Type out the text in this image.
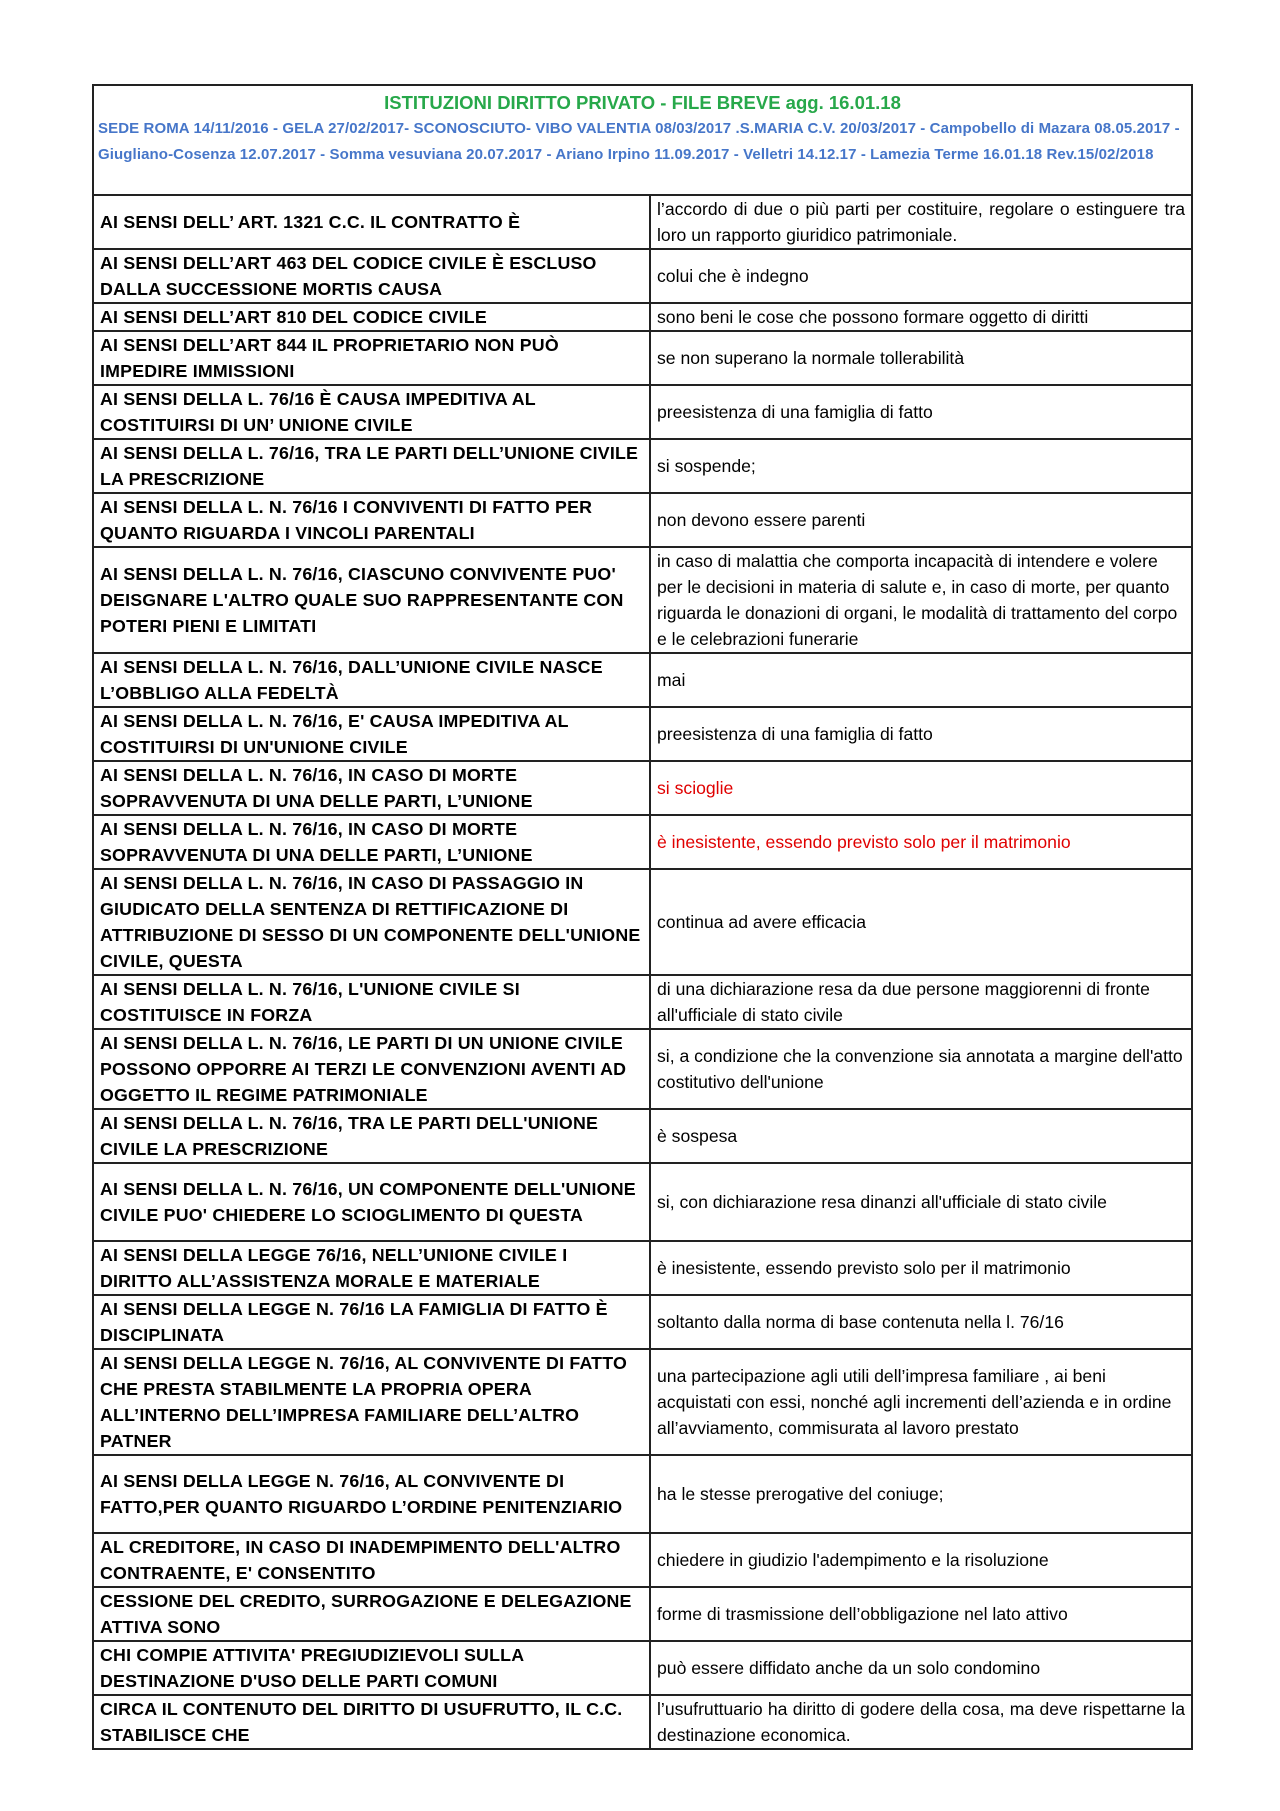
ISTITUZIONI DIRITTO PRIVATO - FILE BREVE agg. 16.01.18
SEDE ROMA 14/11/2016 - GELA 27/02/2017- SCONOSCIUTO- VIBO VALENTIA 08/03/2017 .S.MARIA C.V. 20/03/2017 - Campobello di Mazara 08.05.2017 - Giugliano-Cosenza 12.07.2017 - Somma vesuviana 20.07.2017 - Ariano Irpino 11.09.2017 - Velletri 14.12.17 - Lamezia Terme 16.01.18 Rev.15/02/2018	

AI SENSI DELL’ ART. 1321 C.C. IL CONTRATTO È	l’accordo di due o più parti per costituire, regolare o estinguere tra loro un rapporto giuridico patrimoniale.
AI SENSI DELL’ART 463 DEL CODICE CIVILE È ESCLUSO DALLA SUCCESSIONE MORTIS CAUSA	colui che è indegno
AI SENSI DELL’ART 810 DEL CODICE CIVILE	sono beni le cose che possono formare oggetto di diritti
AI SENSI DELL’ART 844 IL PROPRIETARIO NON PUÒ IMPEDIRE IMMISSIONI	se non superano la normale tollerabilità
AI SENSI DELLA L. 76/16 È CAUSA IMPEDITIVA AL COSTITUIRSI DI UN’ UNIONE CIVILE	preesistenza di una famiglia di fatto
AI SENSI DELLA L. 76/16, TRA LE PARTI DELL’UNIONE CIVILE LA PRESCRIZIONE	si sospende;
AI SENSI DELLA L. N. 76/16 I CONVIVENTI DI FATTO PER QUANTO RIGUARDA I VINCOLI PARENTALI	non devono essere parenti
AI SENSI DELLA L. N. 76/16, CIASCUNO CONVIVENTE PUO' DEISGNARE L'ALTRO QUALE SUO RAPPRESENTANTE CON POTERI PIENI E LIMITATI	in caso di malattia che comporta incapacità di intendere e volere per le decisioni in materia di salute e, in caso di morte, per quanto riguarda le donazioni di organi, le modalità di trattamento del corpo e le celebrazioni funerarie
AI SENSI DELLA L. N. 76/16, DALL’UNIONE CIVILE NASCE L’OBBLIGO ALLA FEDELTÀ	mai
AI SENSI DELLA L. N. 76/16, E' CAUSA IMPEDITIVA AL COSTITUIRSI DI UN'UNIONE CIVILE	preesistenza di una famiglia di fatto
AI SENSI DELLA L. N. 76/16, IN CASO DI MORTE SOPRAVVENUTA DI UNA DELLE PARTI, L’UNIONE	si scioglie
AI SENSI DELLA L. N. 76/16, IN CASO DI MORTE SOPRAVVENUTA DI UNA DELLE PARTI, L’UNIONE	è inesistente, essendo previsto solo per il matrimonio
AI SENSI DELLA L. N. 76/16, IN CASO DI PASSAGGIO IN GIUDICATO DELLA SENTENZA DI RETTIFICAZIONE DI ATTRIBUZIONE DI SESSO DI UN COMPONENTE DELL'UNIONE CIVILE, QUESTA	continua ad avere efficacia
AI SENSI DELLA L. N. 76/16, L'UNIONE CIVILE SI COSTITUISCE IN FORZA	di una dichiarazione resa da due persone maggiorenni di fronte all'ufficiale di stato civile
AI SENSI DELLA L. N. 76/16, LE PARTI DI UN UNIONE CIVILE POSSONO OPPORRE AI TERZI LE CONVENZIONI AVENTI AD OGGETTO IL REGIME PATRIMONIALE	si, a condizione che la convenzione sia annotata a margine dell'atto costitutivo dell'unione
AI SENSI DELLA L. N. 76/16, TRA LE PARTI DELL'UNIONE CIVILE LA PRESCRIZIONE	è sospesa
AI SENSI DELLA L. N. 76/16, UN COMPONENTE DELL'UNIONE CIVILE PUO' CHIEDERE LO SCIOGLIMENTO DI QUESTA	si, con dichiarazione resa dinanzi all'ufficiale di stato civile
AI SENSI DELLA LEGGE 76/16, NELL’UNIONE CIVILE I DIRITTO ALL’ASSISTENZA MORALE E MATERIALE	è inesistente, essendo previsto solo per il matrimonio
AI SENSI DELLA LEGGE N. 76/16 LA FAMIGLIA DI FATTO È DISCIPLINATA	soltanto dalla norma di base contenuta nella l. 76/16
AI SENSI DELLA LEGGE N. 76/16, AL CONVIVENTE DI FATTO CHE PRESTA STABILMENTE LA PROPRIA OPERA ALL’INTERNO DELL’IMPRESA FAMILIARE DELL’ALTRO PATNER	una partecipazione agli utili dell’impresa familiare , ai beni acquistati con essi, nonché agli incrementi dell’azienda e in ordine all’avviamento, commisurata al lavoro prestato
AI SENSI DELLA LEGGE N. 76/16, AL CONVIVENTE DI FATTO,PER QUANTO RIGUARDO L’ORDINE PENITENZIARIO	ha le stesse prerogative del coniuge;
AL CREDITORE, IN CASO DI INADEMPIMENTO DELL'ALTRO CONTRAENTE, E' CONSENTITO	chiedere in giudizio l'adempimento e la risoluzione
CESSIONE DEL CREDITO, SURROGAZIONE E DELEGAZIONE ATTIVA SONO	forme di trasmissione dell’obbligazione nel lato attivo
CHI COMPIE ATTIVITA' PREGIUDIZIEVOLI SULLA DESTINAZIONE D'USO DELLE PARTI COMUNI	può essere diffidato anche da un solo condomino
CIRCA IL CONTENUTO DEL DIRITTO DI USUFRUTTO, IL C.C. STABILISCE CHE	l’usufruttuario ha diritto di godere della cosa, ma deve rispettarne la destinazione economica.
